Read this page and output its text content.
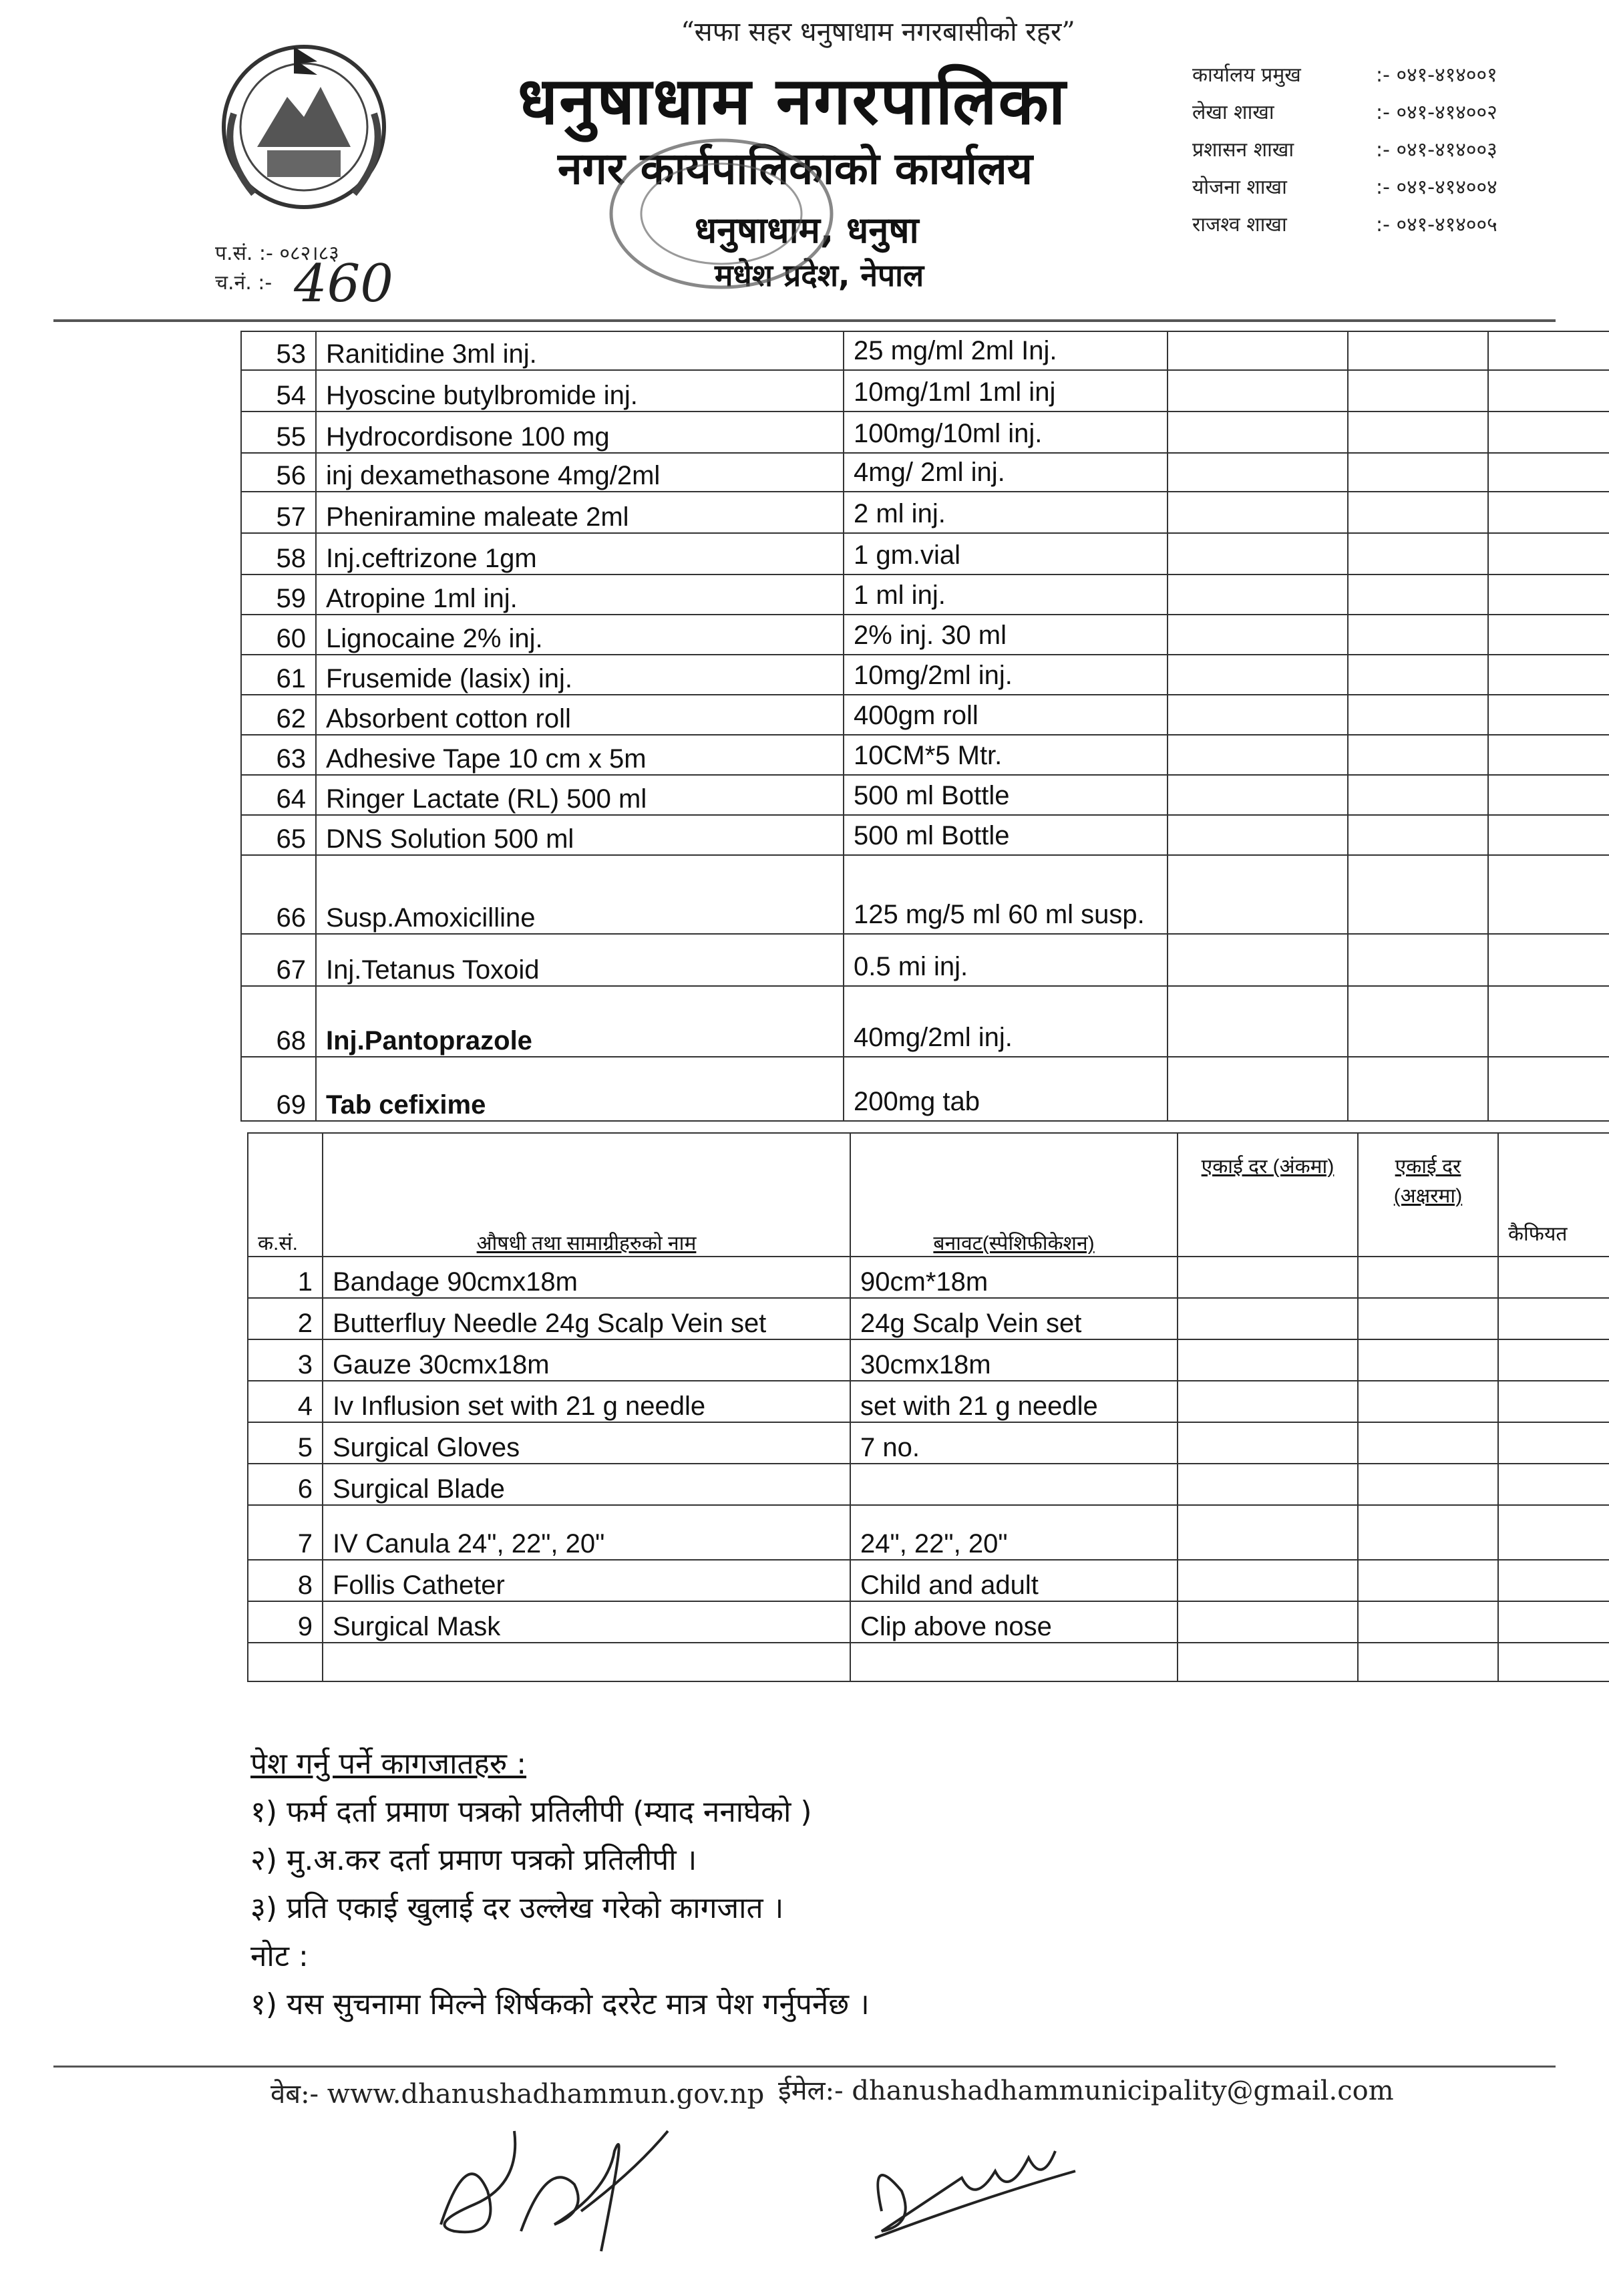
“सफा सहर धनुषाधाम नगरबासीको रहर”
धनुषाधाम नगरपालिका
नगर कार्यपालिकाको कार्यालय
धनुषाधाम, धनुषा
मधेश प्रदेश, नेपाल
प.सं. :- ०८२।८३
च.नं. :- 460
कार्यालय प्रमुख	:- ०४१-४१४००१
लेखा शाखा	:- ०४१-४१४००२
प्रशासन शाखा	:- ०४१-४१४००३
योजना शाखा	:- ०४१-४१४००४
राजश्व शाखा	:- ०४१-४१४००५
53	Ranitidine 3ml inj.	25 mg/ml 2ml Inj.			
54	Hyoscine butylbromide inj.	10mg/1ml 1ml inj			
55	Hydrocordisone 100 mg	100mg/10ml inj.			
56	inj dexamethasone 4mg/2ml	4mg/ 2ml inj.			
57	Pheniramine maleate 2ml	2 ml inj.			
58	Inj.ceftrizone 1gm	1 gm.vial			
59	Atropine 1ml inj.	1 ml inj.			
60	Lignocaine 2% inj.	2% inj. 30 ml			
61	Frusemide (lasix) inj.	10mg/2ml inj.			
62	Absorbent cotton roll	400gm roll			
63	Adhesive Tape 10 cm x 5m	10CM*5 Mtr.			
64	Ringer Lactate (RL) 500 ml	500 ml Bottle			
65	DNS Solution 500 ml	500 ml Bottle			
66	Susp.Amoxicilline	125 mg/5 ml 60 ml susp.			
67	Inj.Tetanus Toxoid	0.5 mi inj.			
68	Inj.Pantoprazole	40mg/2ml inj.			
69	Tab cefixime	200mg tab			
क.सं.	औषधी तथा सामाग्रीहरुको नाम	बनावट(स्पेशिफीकेशन)	एकाई दर (अंकमा)	एकाई दर (अक्षरमा)	कैफियत
1	Bandage 90cmx18m	90cm*18m			
2	Butterfluy Needle 24g Scalp Vein set	24g Scalp Vein set			
3	Gauze 30cmx18m	30cmx18m			
4	Iv Influsion set with 21 g needle	set with 21 g needle			
5	Surgical Gloves	7 no.			
6	Surgical Blade				
7	IV Canula 24", 22", 20"	24", 22", 20"			
8	Follis Catheter	Child and adult			
9	Surgical Mask	Clip above nose			

पेश गर्नु पर्ने कागजातहरु :
१) फर्म दर्ता प्रमाण पत्रको प्रतिलीपी (म्याद ननाघेको )
२) मु.अ.कर दर्ता प्रमाण पत्रको प्रतिलीपी ।
३) प्रति एकाई खुलाई दर उल्लेख गरेको कागजात ।
नोट :
१) यस सुचनामा मिल्ने शिर्षकको दररेट मात्र पेश गर्नुपर्नेछ ।
वेब:- www.dhanushadhammun.gov.np ईमेल:- dhanushadhammunicipality@gmail.com
